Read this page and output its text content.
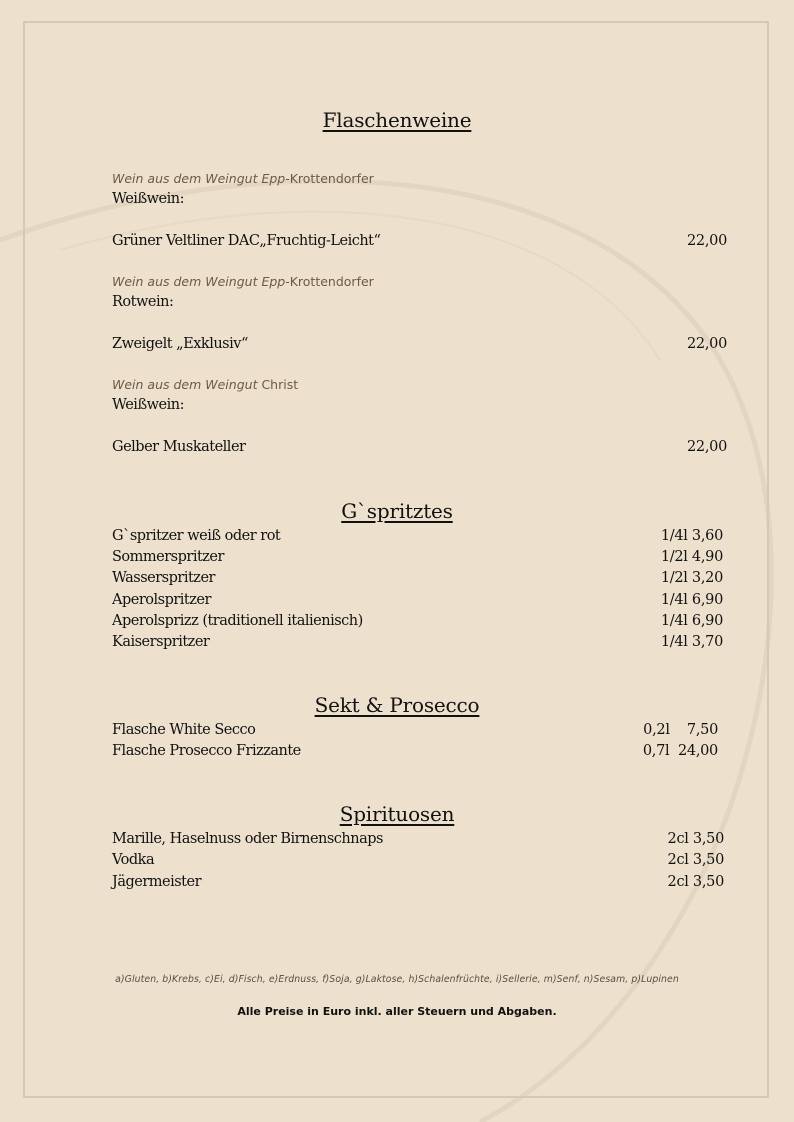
Flaschenweine
Wein aus dem Weingut Epp-Krottendorfer
Weißwein:
Grüner Veltliner DAC„Fruchtig-Leicht“	22,00
Wein aus dem Weingut Epp-Krottendorfer
Rotwein:
Zweigelt „Exklusiv“	22,00
Wein aus dem Weingut Christ
Weißwein:
Gelber Muskateller	22,00
G`spritztes
G`spritzer weiß oder rot	1/4l 3,60
Sommerspritzer	1/2l 4,90
Wasserspritzer	1/2l 3,20
Aperolspritzer	1/4l 6,90
Aperolsprizz (traditionell italienisch)	1/4l 6,90
Kaiserspritzer	1/4l 3,70
Sekt & Prosecco
Flasche White Secco	0,2l    7,50
Flasche Prosecco Frizzante	0,7l  24,00
Spirituosen
Marille, Haselnuss oder Birnenschnaps	2cl 3,50
Vodka	2cl 3,50
Jägermeister	2cl 3,50
a)Gluten, b)Krebs, c)Ei, d)Fisch, e)Erdnuss, f)Soja, g)Laktose, h)Schalenfrüchte, i)Sellerie, m)Senf, n)Sesam, p)Lupinen
Alle Preise in Euro inkl. aller Steuern und Abgaben.
